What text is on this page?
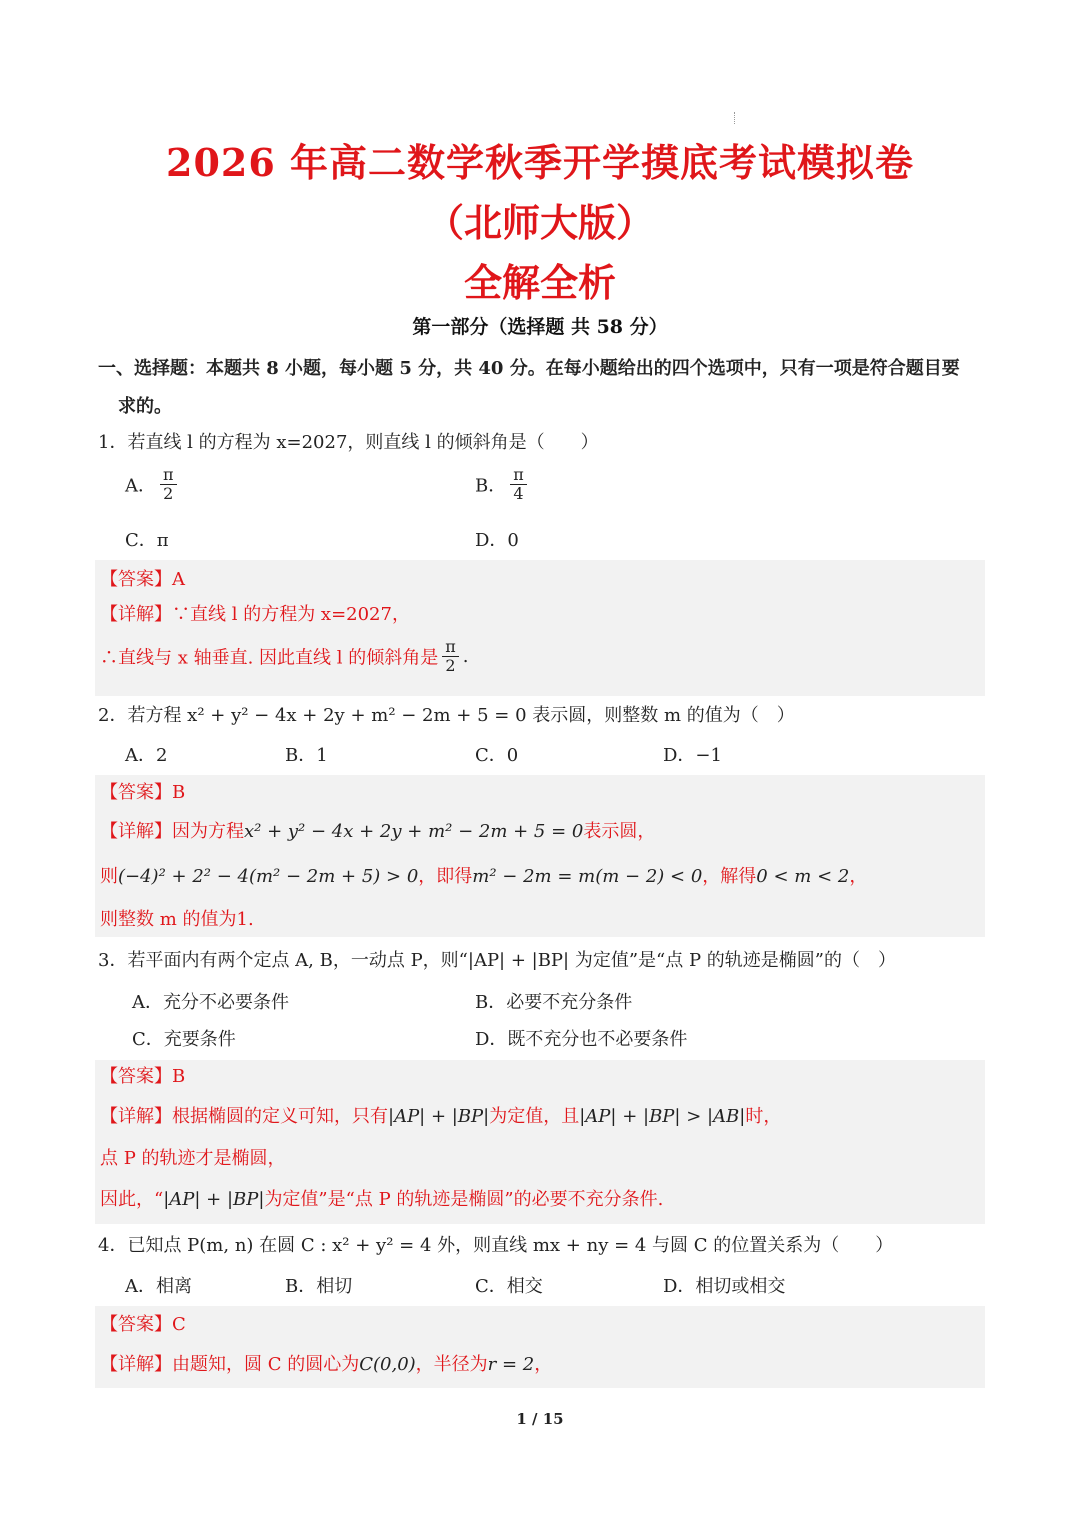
2026 年高二数学秋季开学摸底考试模拟卷
（北师大版）
全解全析
第一部分（选择题 共 58 分）
一、选择题：本题共 8 小题，每小题 5 分，共 40 分。在每小题给出的四个选项中，只有一项是符合题目要
求的。
1．若直线 l 的方程为 x=2027，则直线 l 的倾斜角是（　　）
A． $\frac{\pi}{2}$	B． $\frac{\pi}{4}$
C．π	D．0
【答案】A
【详解】∵直线 l 的方程为 x=2027，
∴直线与 x 轴垂直. 因此直线 l 的倾斜角是 $\frac{\pi}{2}$ .
2．若方程 x² + y² − 4x + 2y + m² − 2m + 5 = 0 表示圆，则整数 m 的值为（　）
A．2	B．1	C．0	D．−1
【答案】B
【详解】因为方程x² + y² − 4x + 2y + m² − 2m + 5 = 0表示圆，
则(−4)² + 2² − 4(m² − 2m + 5) > 0，即得m² − 2m = m(m − 2) < 0，解得0 < m < 2，
则整数 m 的值为1.
3．若平面内有两个定点 A, B，一动点 P，则“|AP| + |BP| 为定值”是“点 P 的轨迹是椭圆”的（　）
A．充分不必要条件	B．必要不充分条件
C．充要条件	D．既不充分也不必要条件
【答案】B
【详解】根据椭圆的定义可知，只有|AP| + |BP|为定值，且|AP| + |BP| > |AB|时，
点 P 的轨迹才是椭圆，
因此，“|AP| + |BP|为定值”是“点 P 的轨迹是椭圆”的必要不充分条件.
4．已知点 P(m, n) 在圆 C : x² + y² = 4 外，则直线 mx + ny = 4 与圆 C 的位置关系为（　　）
A．相离	B．相切	C．相交	D．相切或相交
【答案】C
【详解】由题知，圆 C 的圆心为C(0,0)，半径为r = 2，
1 / 15
